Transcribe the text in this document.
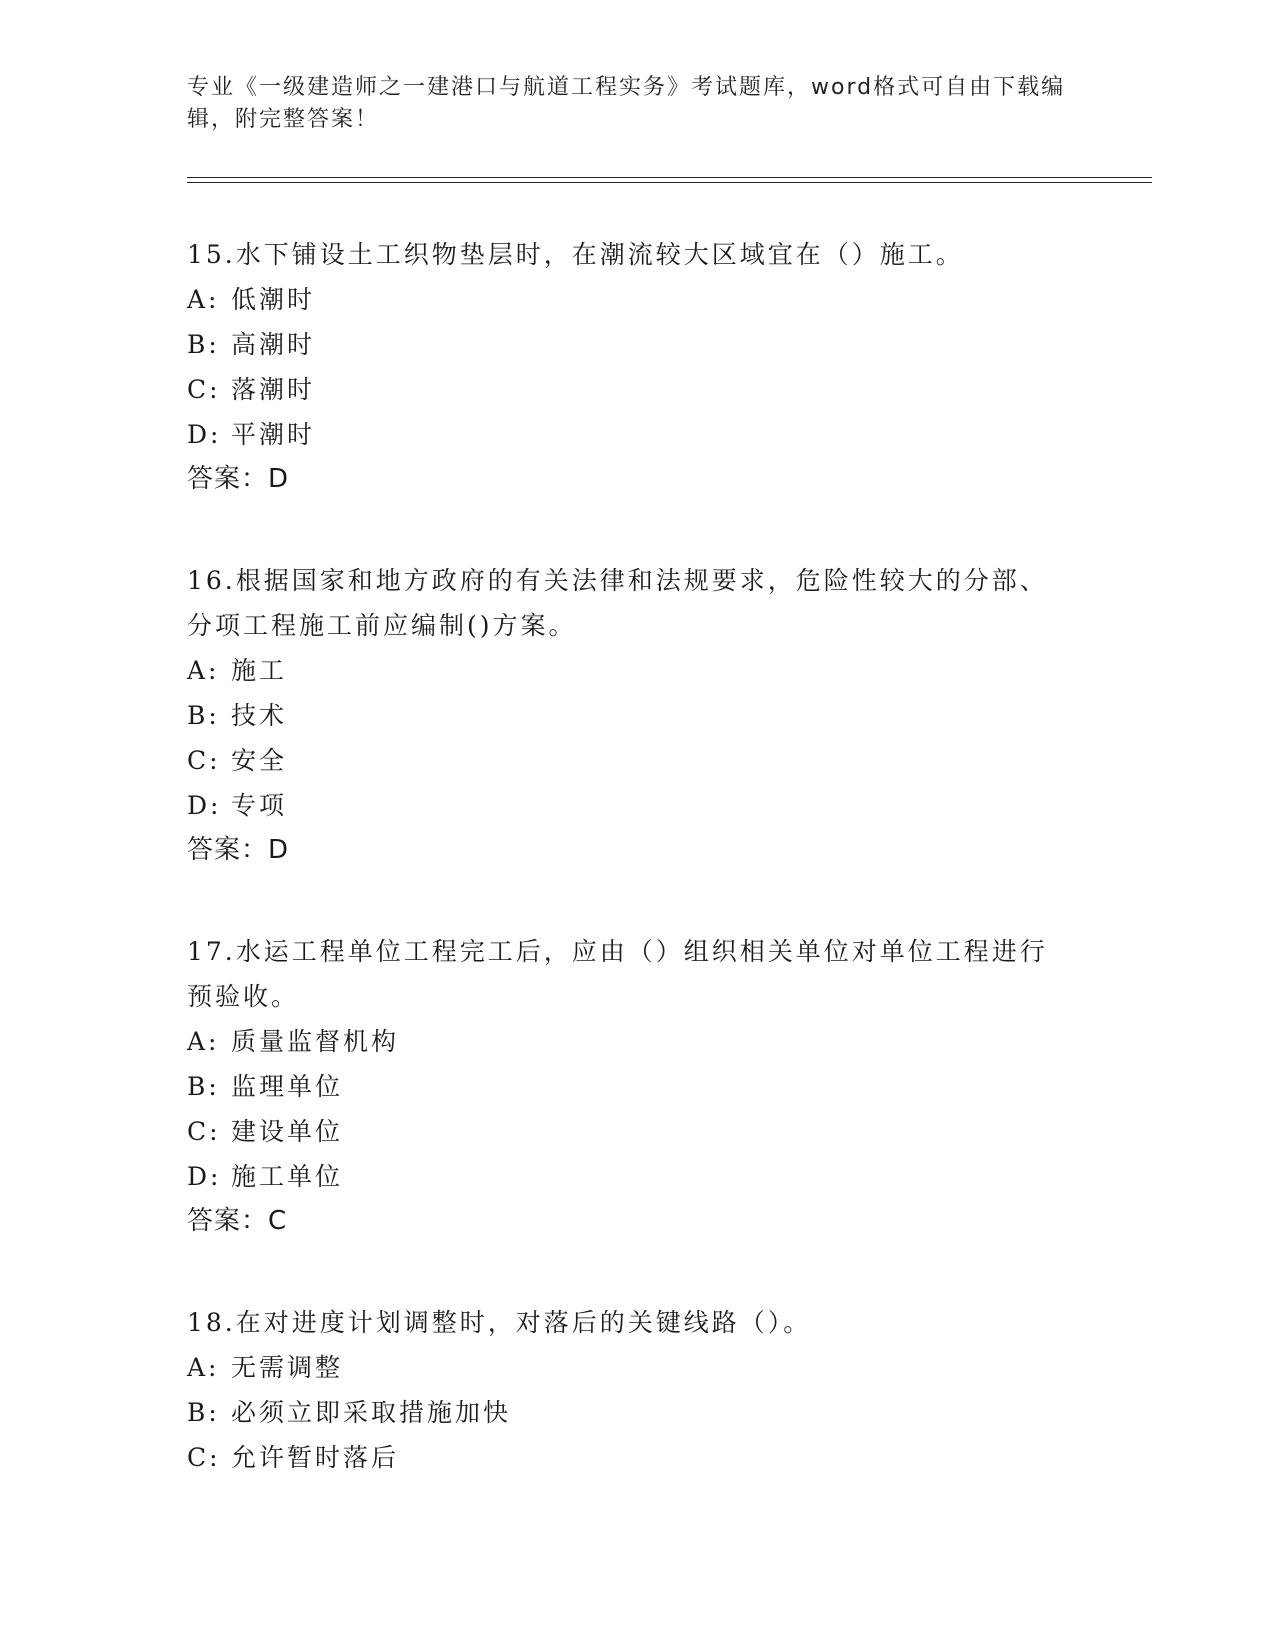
专业《一级建造师之一建港口与航道工程实务》考试题库，word格式可自由下载编辑，附完整答案！
15.水下铺设土工织物垫层时，在潮流较大区域宜在（）施工。
A: 低潮时
B: 高潮时
C: 落潮时
D: 平潮时
答案：D
16.根据国家和地方政府的有关法律和法规要求，危险性较大的分部、分项工程施工前应编制()方案。
A: 施工
B: 技术
C: 安全
D: 专项
答案：D
17.水运工程单位工程完工后，应由（）组织相关单位对单位工程进行预验收。
A: 质量监督机构
B: 监理单位
C: 建设单位
D: 施工单位
答案：C
18.在对进度计划调整时，对落后的关键线路（）。
A: 无需调整
B: 必须立即采取措施加快
C: 允许暂时落后
